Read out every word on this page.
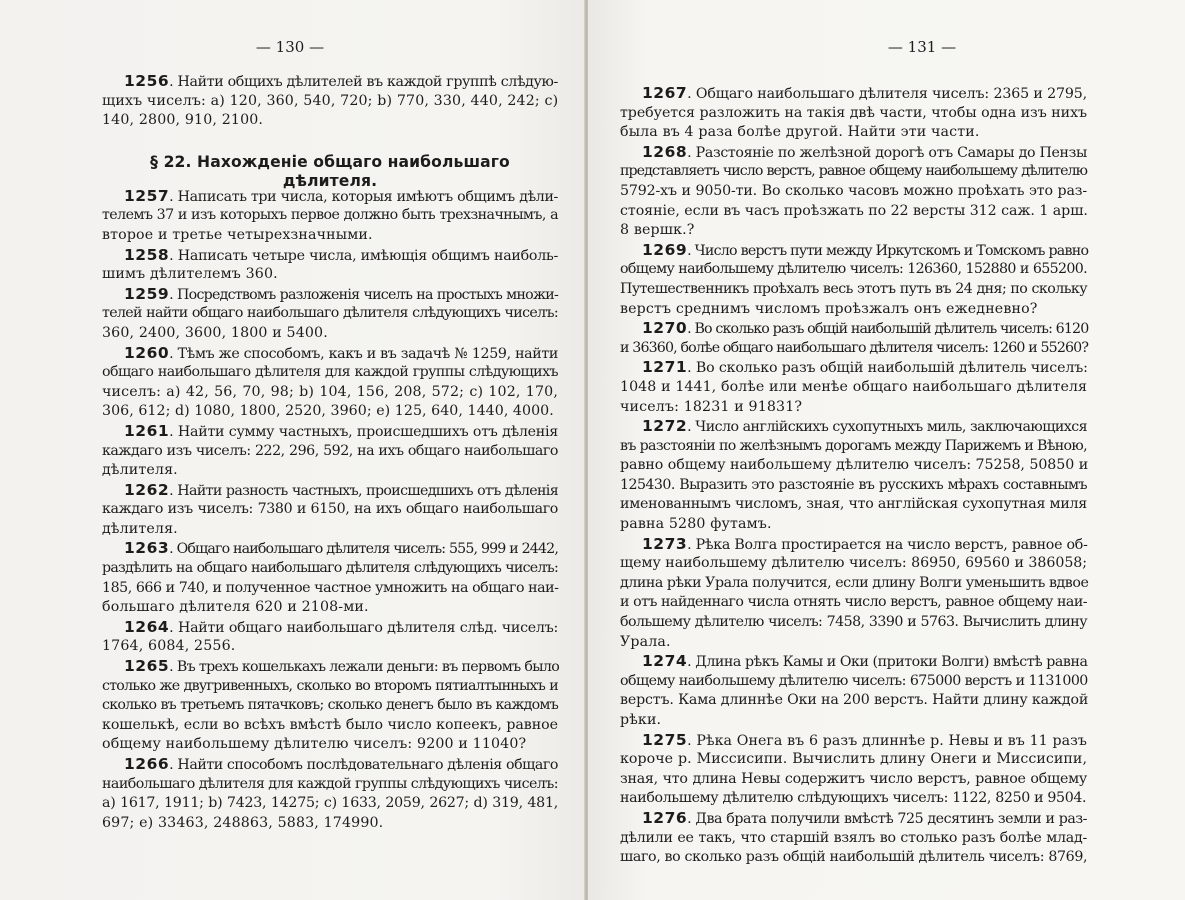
— 130 —
1256. Найти общихъ дѣлителей въ каждой группѣ слѣдую-
щихъ чиселъ: a) 120, 360, 540, 720; b) 770, 330, 440, 242; c)
140, 2800, 910, 2100.
§ 22. Нахожденіе общаго наибольшаго дѣлителя.
1257. Написать три числа, которыя имѣютъ общимъ дѣли-
телемъ 37 и изъ которыхъ первое должно быть трехзначнымъ, а
второе и третье четырехзначными.
1258. Написать четыре числа, имѣющія общимъ наиболь-
шимъ дѣлителемъ 360.
1259. Посредствомъ разложенія чиселъ на простыхъ множи-
телей найти общаго наибольшаго дѣлителя слѣдующихъ чиселъ:
360, 2400, 3600, 1800 и 5400.
1260. Тѣмъ же способомъ, какъ и въ задачѣ № 1259, найти
общаго наибольшаго дѣлителя для каждой группы слѣдующихъ
чиселъ: a) 42, 56, 70, 98; b) 104, 156, 208, 572; c) 102, 170,
306, 612; d) 1080, 1800, 2520, 3960; e) 125, 640, 1440, 4000.
1261. Найти сумму частныхъ, происшедшихъ отъ дѣленія
каждаго изъ чиселъ: 222, 296, 592, на ихъ общаго наибольшаго
дѣлителя.
1262. Найти разность частныхъ, происшедшихъ отъ дѣленія
каждаго изъ чиселъ: 7380 и 6150, на ихъ общаго наибольшаго
дѣлителя.
1263. Общаго наибольшаго дѣлителя чиселъ: 555, 999 и 2442,
раздѣлить на общаго наибольшаго дѣлителя слѣдующихъ чиселъ:
185, 666 и 740, и полученное частное умножить на общаго наи-
большаго дѣлителя 620 и 2108-ми.
1264. Найти общаго наибольшаго дѣлителя слѣд. чиселъ:
1764, 6084, 2556.
1265. Въ трехъ кошелькахъ лежали деньги: въ первомъ было
столько же двугривенныхъ, сколько во второмъ пятиалтынныхъ и
сколько въ третьемъ пятачковъ; сколько денегъ было въ каждомъ
кошелькѣ, если во всѣхъ вмѣстѣ было число копеекъ, равное
общему наибольшему дѣлителю чиселъ: 9200 и 11040?
1266. Найти способомъ послѣдовательнаго дѣленія общаго
наибольшаго дѣлителя для каждой группы слѣдующихъ чиселъ:
a) 1617, 1911; b) 7423, 14275; c) 1633, 2059, 2627; d) 319, 481,
697; e) 33463, 248863, 5883, 174990.
— 131 —
1267. Общаго наибольшаго дѣлителя чиселъ: 2365 и 2795,
требуется разложить на такія двѣ части, чтобы одна изъ нихъ
была въ 4 раза болѣе другой. Найти эти части.
1268. Разстояніе по желѣзной дорогѣ отъ Самары до Пензы
представляетъ число верстъ, равное общему наибольшему дѣлителю
5792-хъ и 9050-ти. Во сколько часовъ можно проѣхать это раз-
стояніе, если въ часъ проѣзжать по 22 версты 312 саж. 1 арш.
8 вершк.?
1269. Число верстъ пути между Иркутскомъ и Томскомъ равно
общему наибольшему дѣлителю чиселъ: 126360, 152880 и 655200.
Путешественникъ проѣхалъ весь этотъ путь въ 24 дня; по скольку
верстъ среднимъ числомъ проѣзжалъ онъ ежедневно?
1270. Во сколько разъ общій наибольшій дѣлитель чиселъ: 6120
и 36360, болѣе общаго наибольшаго дѣлителя чиселъ: 1260 и 55260?
1271. Во сколько разъ общій наибольшій дѣлитель чиселъ:
1048 и 1441, болѣе или менѣе общаго наибольшаго дѣлителя
чиселъ: 18231 и 91831?
1272. Число англійскихъ сухопутныхъ миль, заключающихся
въ разстояніи по желѣзнымъ дорогамъ между Парижемъ и Вѣною,
равно общему наибольшему дѣлителю чиселъ: 75258, 50850 и
125430. Выразить это разстояніе въ русскихъ мѣрахъ составнымъ
именованнымъ числомъ, зная, что англійская сухопутная миля
равна 5280 футамъ.
1273. Рѣка Волга простирается на число верстъ, равное об-
щему наибольшему дѣлителю чиселъ: 86950, 69560 и 386058;
длина рѣки Урала получится, если длину Волги уменьшить вдвое
и отъ найденнаго числа отнять число верстъ, равное общему наи-
большему дѣлителю чиселъ: 7458, 3390 и 5763. Вычислить длину
Урала.
1274. Длина рѣкъ Камы и Оки (притоки Волги) вмѣстѣ равна
общему наибольшему дѣлителю чиселъ: 675000 верстъ и 1131000
верстъ. Кама длиннѣе Оки на 200 верстъ. Найти длину каждой
рѣки.
1275. Рѣка Онега въ 6 разъ длиннѣе р. Невы и въ 11 разъ
короче р. Миссисипи. Вычислить длину Онеги и Миссисипи,
зная, что длина Невы содержитъ число верстъ, равное общему
наибольшему дѣлителю слѣдующихъ чиселъ: 1122, 8250 и 9504.
1276. Два брата получили вмѣстѣ 725 десятинъ земли и раз-
дѣлили ее такъ, что старшій взялъ во столько разъ болѣе млад-
шаго, во сколько разъ общій наибольшій дѣлитель чиселъ: 8769,
